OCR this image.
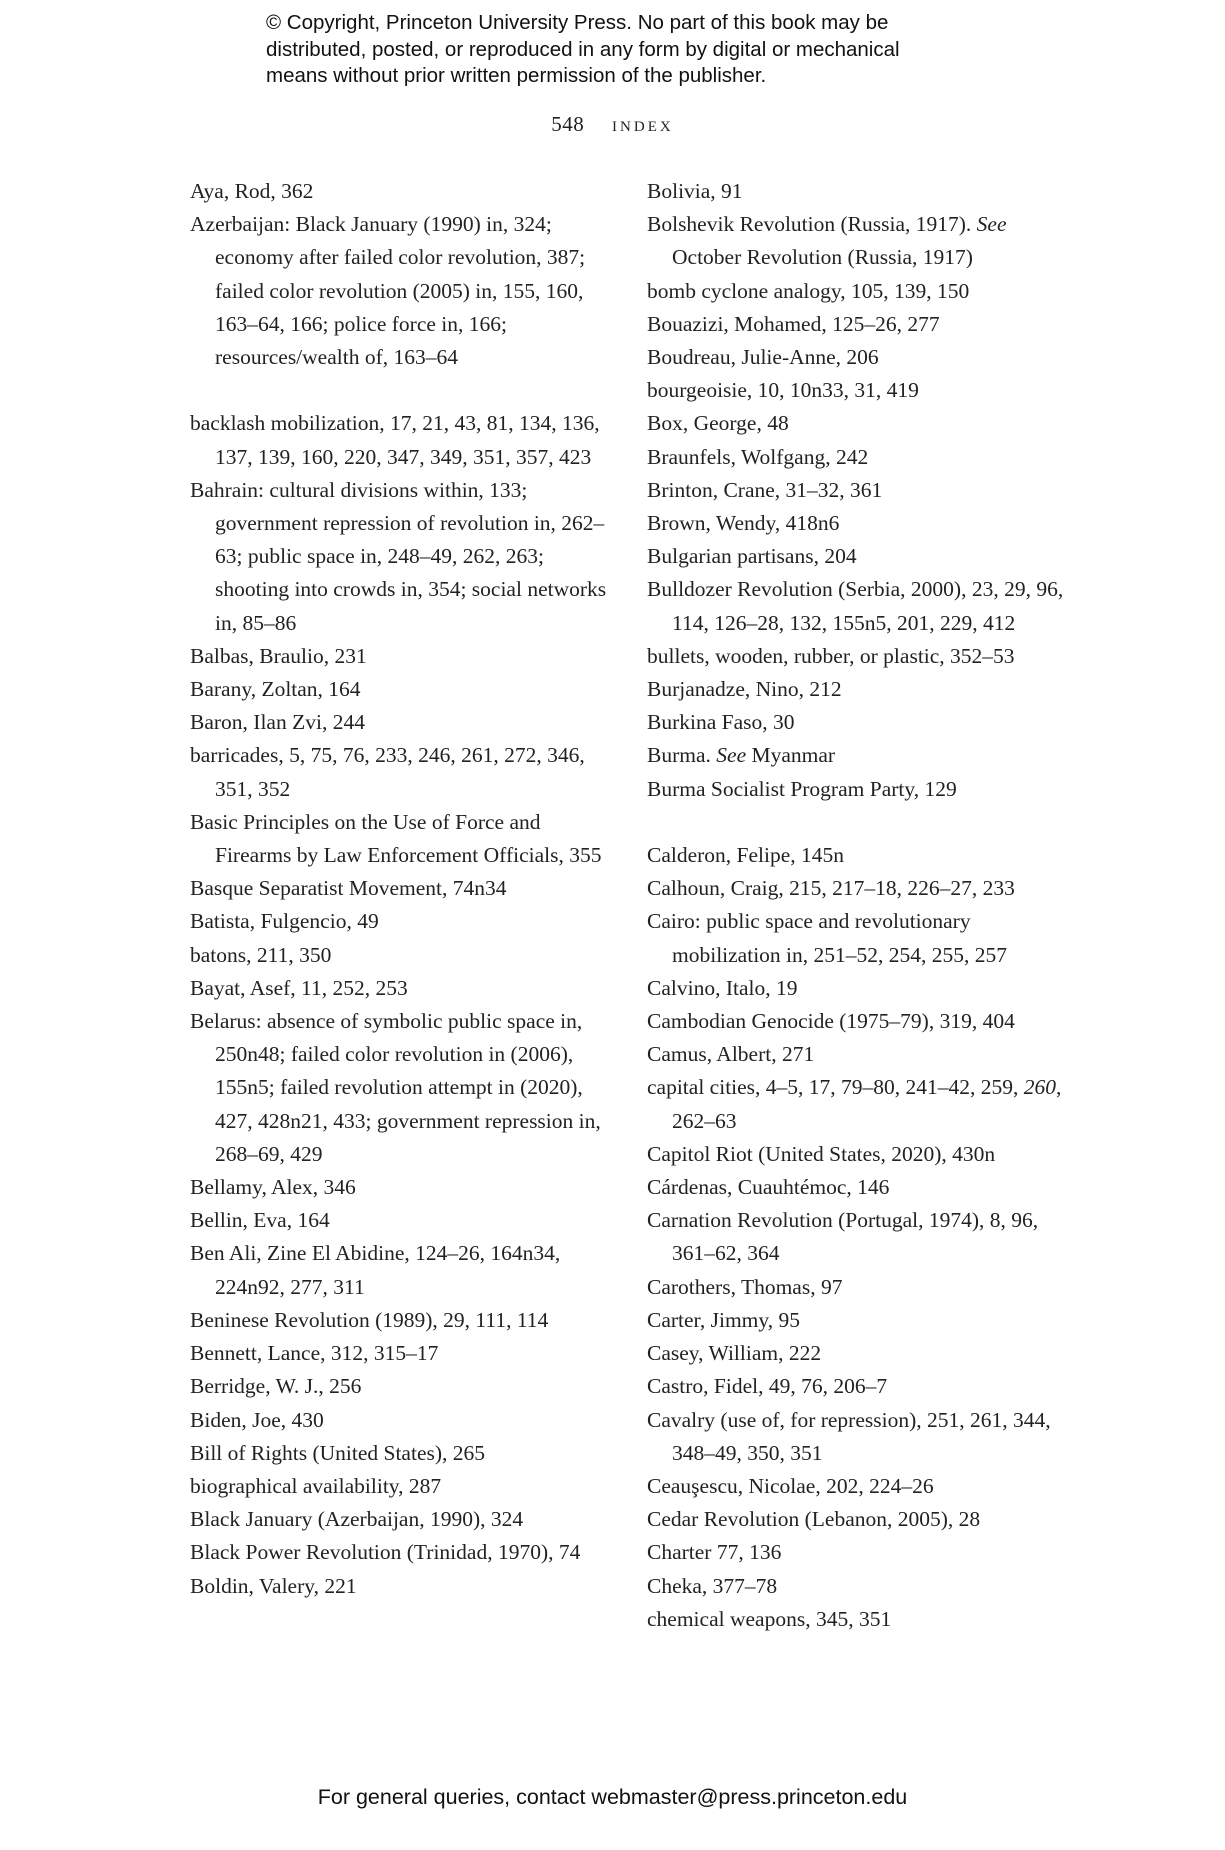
© Copyright, Princeton University Press. No part of this book may be
distributed, posted, or reproduced in any form by digital or mechanical
means without prior written permission of the publisher.
548 index

Aya, Rod, 362

Azerbaijan: Black January (1990) in, 324; economy after failed color revolution, 387; failed color revolution (2005) in, 155, 160, 163–64, 166; police force in, 166; resources/wealth of, 163–64

backlash mobilization, 17, 21, 43, 81, 134, 136, 137, 139, 160, 220, 347, 349, 351, 357, 423

Bahrain: cultural divisions within, 133; government repression of revolution in, 262–63; public space in, 248–49, 262, 263; shooting into crowds in, 354; social networks in, 85–86

Balbas, Braulio, 231

Barany, Zoltan, 164

Baron, Ilan Zvi, 244

barricades, 5, 75, 76, 233, 246, 261, 272, 346, 351, 352

Basic Principles on the Use of Force and Firearms by Law Enforcement Officials, 355

Basque Separatist Movement, 74n34

Batista, Fulgencio, 49

batons, 211, 350

Bayat, Asef, 11, 252, 253

Belarus: absence of symbolic public space in, 250n48; failed color revolution in (2006), 155n5; failed revolution attempt in (2020), 427, 428n21, 433; government repression in, 268–69, 429

Bellamy, Alex, 346

Bellin, Eva, 164

Ben Ali, Zine El Abidine, 124–26, 164n34, 224n92, 277, 311

Beninese Revolution (1989), 29, 111, 114

Bennett, Lance, 312, 315–17

Berridge, W. J., 256

Biden, Joe, 430

Bill of Rights (United States), 265

biographical availability, 287

Black January (Azerbaijan, 1990), 324

Black Power Revolution (Trinidad, 1970), 74

Boldin, Valery, 221

Bolivia, 91

Bolshevik Revolution (Russia, 1917). See October Revolution (Russia, 1917)

bomb cyclone analogy, 105, 139, 150

Bouazizi, Mohamed, 125–26, 277

Boudreau, Julie-Anne, 206

bourgeoisie, 10, 10n33, 31, 419

Box, George, 48

Braunfels, Wolfgang, 242

Brinton, Crane, 31–32, 361

Brown, Wendy, 418n6

Bulgarian partisans, 204

Bulldozer Revolution (Serbia, 2000), 23, 29, 96, 114, 126–28, 132, 155n5, 201, 229, 412

bullets, wooden, rubber, or plastic, 352–53

Burjanadze, Nino, 212

Burkina Faso, 30

Burma. See Myanmar

Burma Socialist Program Party, 129

Calderon, Felipe, 145n

Calhoun, Craig, 215, 217–18, 226–27, 233

Cairo: public space and revolutionary mobilization in, 251–52, 254, 255, 257

Calvino, Italo, 19

Cambodian Genocide (1975–79), 319, 404

Camus, Albert, 271

capital cities, 4–5, 17, 79–80, 241–42, 259, 260, 262–63

Capitol Riot (United States, 2020), 430n

Cárdenas, Cuauhtémoc, 146

Carnation Revolution (Portugal, 1974), 8, 96, 361–62, 364

Carothers, Thomas, 97

Carter, Jimmy, 95

Casey, William, 222

Castro, Fidel, 49, 76, 206–7

Cavalry (use of, for repression), 251, 261, 344, 348–49, 350, 351

Ceauşescu, Nicolae, 202, 224–26

Cedar Revolution (Lebanon, 2005), 28

Charter 77, 136

Cheka, 377–78

chemical weapons, 345, 351

For general queries, contact webmaster@press.princeton.edu
